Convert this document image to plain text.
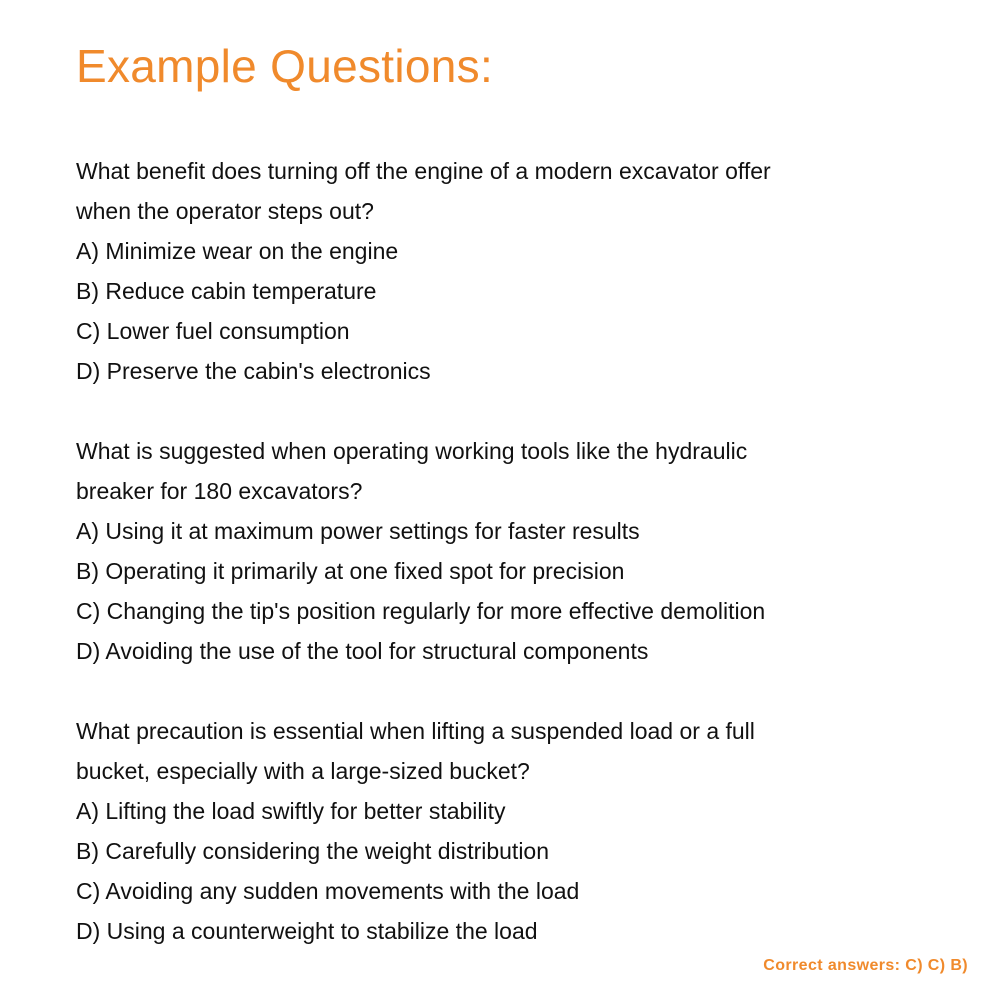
Example Questions:

What benefit does turning off the engine of a modern excavator offer

when the operator steps out?

A) Minimize wear on the engine

B) Reduce cabin temperature

C) Lower fuel consumption

D) Preserve the cabin's electronics

What is suggested when operating working tools like the hydraulic

breaker for 180 excavators?

A) Using it at maximum power settings for faster results

B) Operating it primarily at one fixed spot for precision

C) Changing the tip's position regularly for more effective demolition

D) Avoiding the use of the tool for structural components

What precaution is essential when lifting a suspended load or a full

bucket, especially with a large-sized bucket?

A) Lifting the load swiftly for better stability

B) Carefully considering the weight distribution

C) Avoiding any sudden movements with the load

D) Using a counterweight to stabilize the load

Correct answers: C) C) B)
